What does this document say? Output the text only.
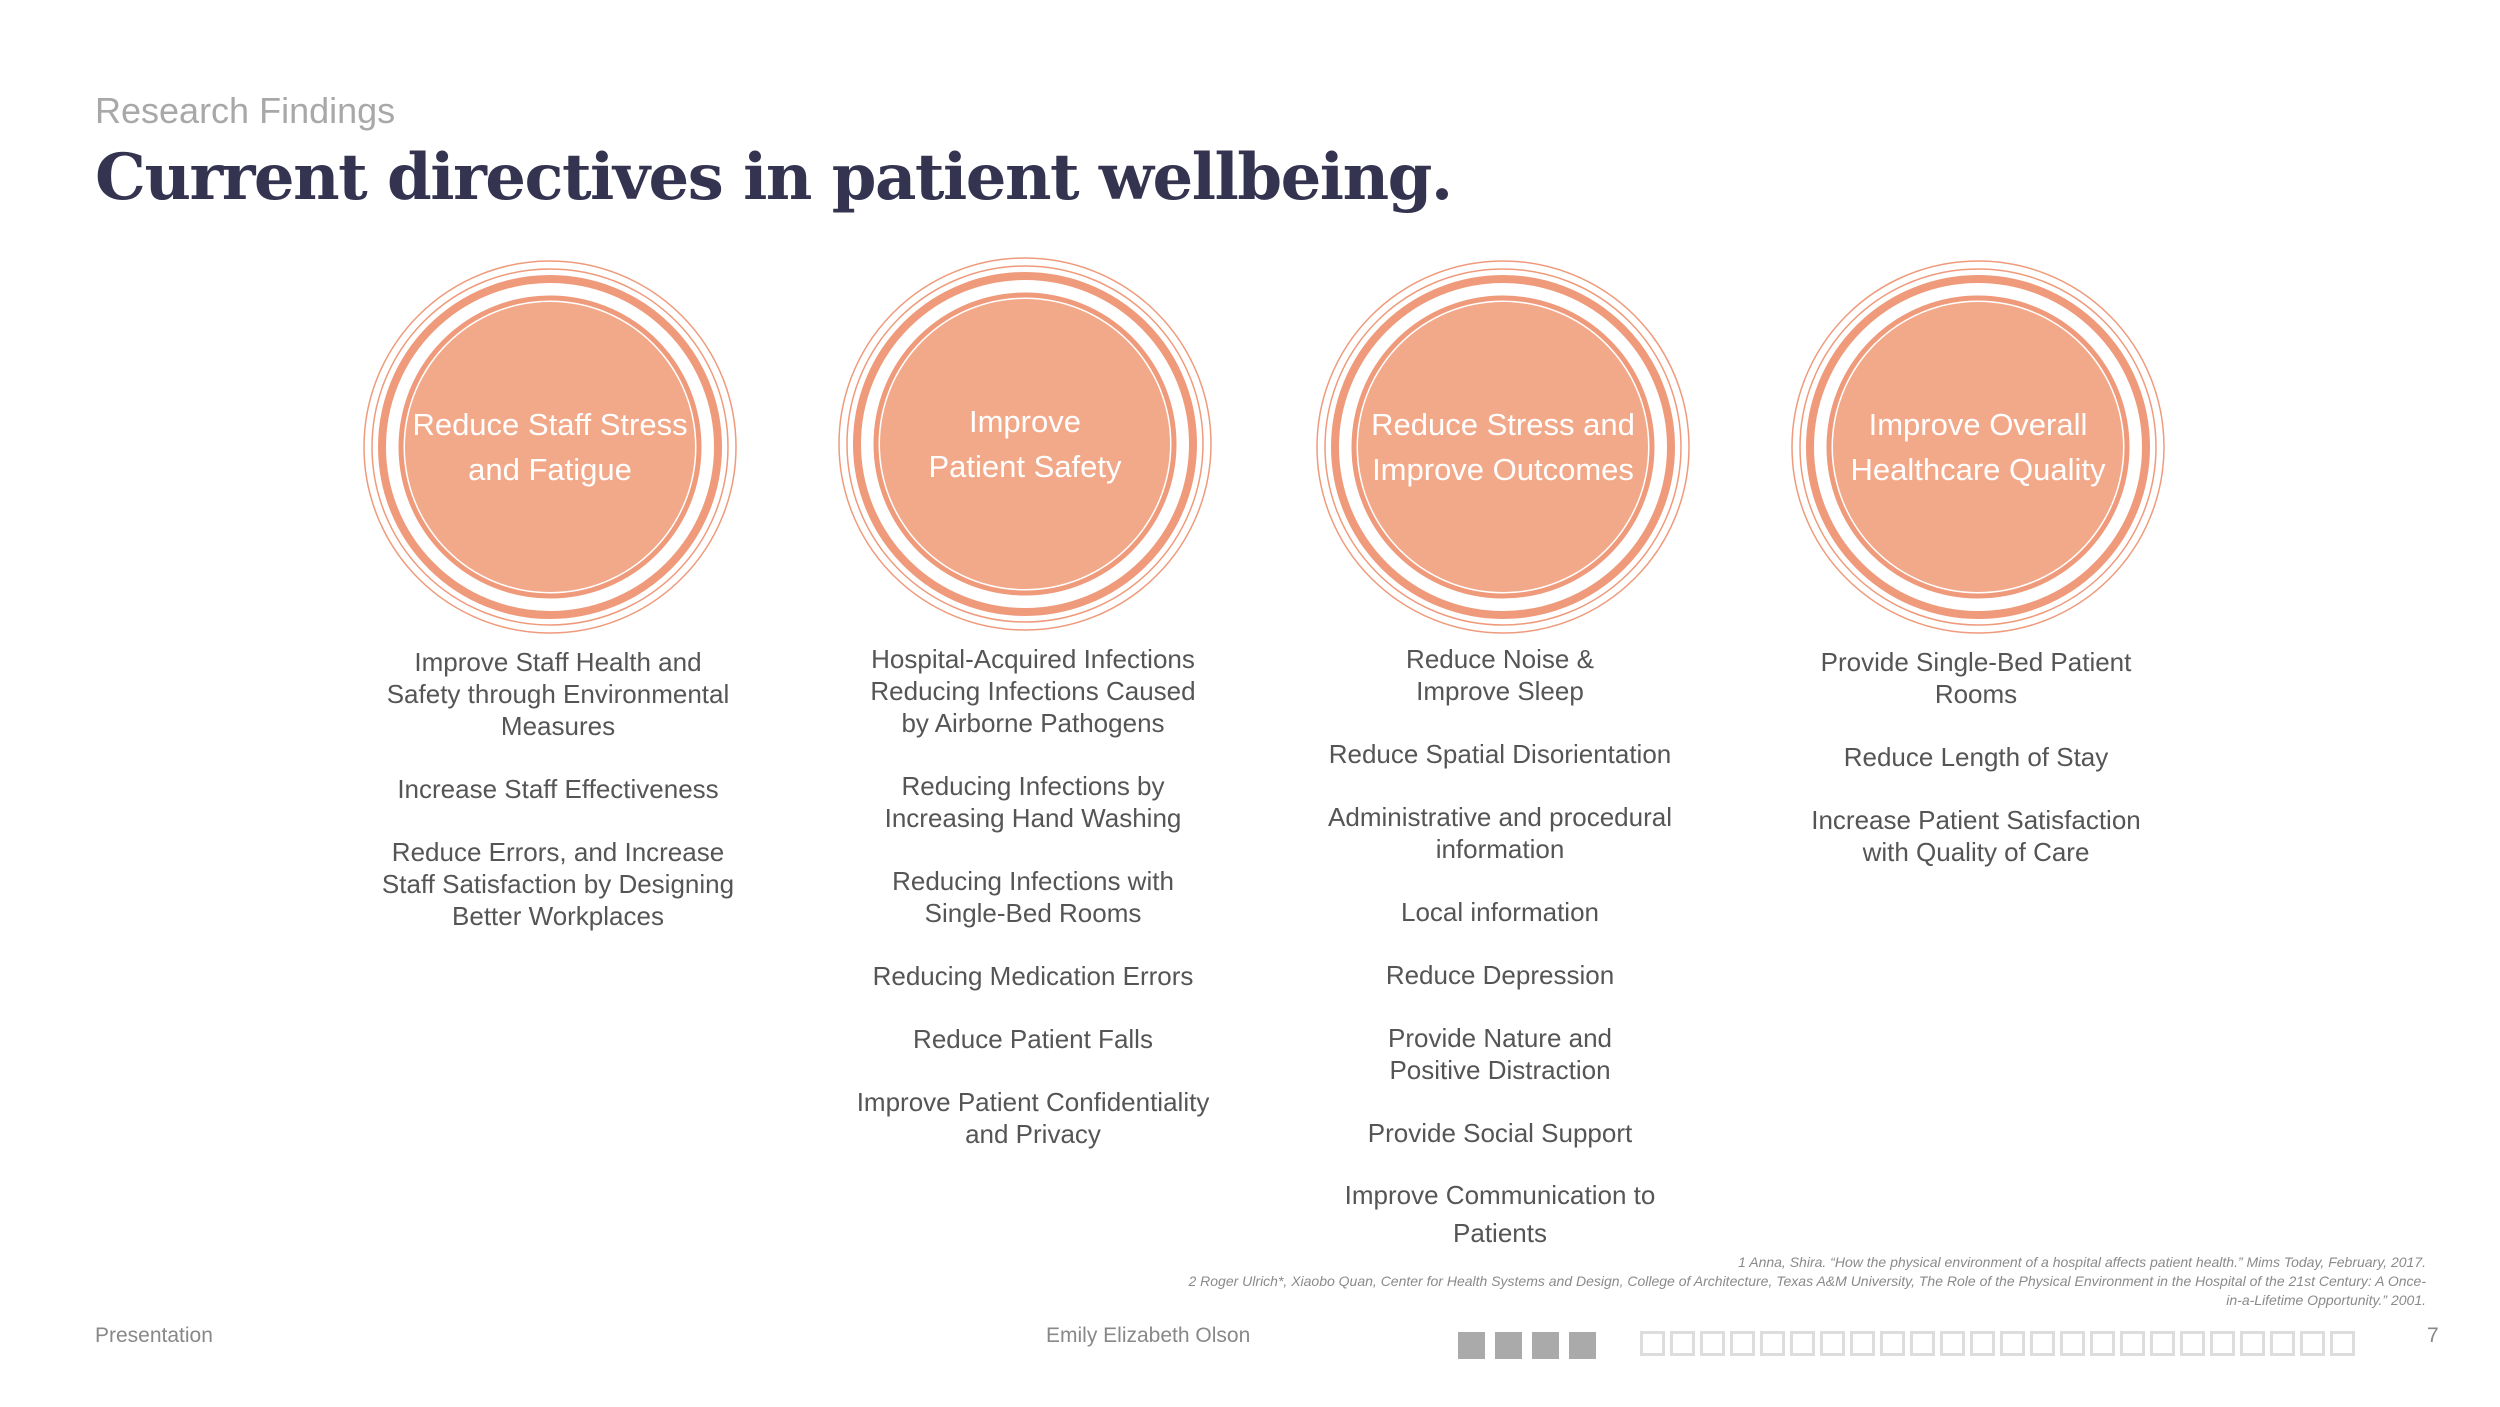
Research Findings
Current directives in patient wellbeing.
Reduce Staff Stress
and Fatigue
Improve
Patient Safety
Reduce Stress and
Improve Outcomes
Improve Overall
Healthcare Quality
Improve Staff Health and
Safety through Environmental
Measures
Increase Staff Effectiveness
Reduce Errors, and Increase
Staff Satisfaction by Designing
Better Workplaces
Hospital-Acquired Infections
Reducing Infections Caused
by Airborne Pathogens
Reducing Infections by
Increasing Hand Washing
Reducing Infections with
Single-Bed Rooms
Reducing Medication Errors
Reduce Patient Falls
Improve Patient Confidentiality
and Privacy
Reduce Noise &
Improve Sleep
Reduce Spatial Disorientation
Administrative and procedural
information
Local information
Reduce Depression
Provide Nature and
Positive Distraction
Provide Social Support
Improve Communication to
Patients
Provide Single-Bed Patient
Rooms
Reduce Length of Stay
Increase Patient Satisfaction
with Quality of Care
1 Anna, Shira. “How the physical environment of a hospital affects patient health.” Mims Today, February, 2017.
2 Roger Ulrich*, Xiaobo Quan, Center for Health Systems and Design, College of Architecture, Texas A&M University, The Role of the Physical Environment in the Hospital of the 21st Century: A Once-
in-a-Lifetime Opportunity.” 2001.
Presentation	Emily Elizabeth Olson	7
